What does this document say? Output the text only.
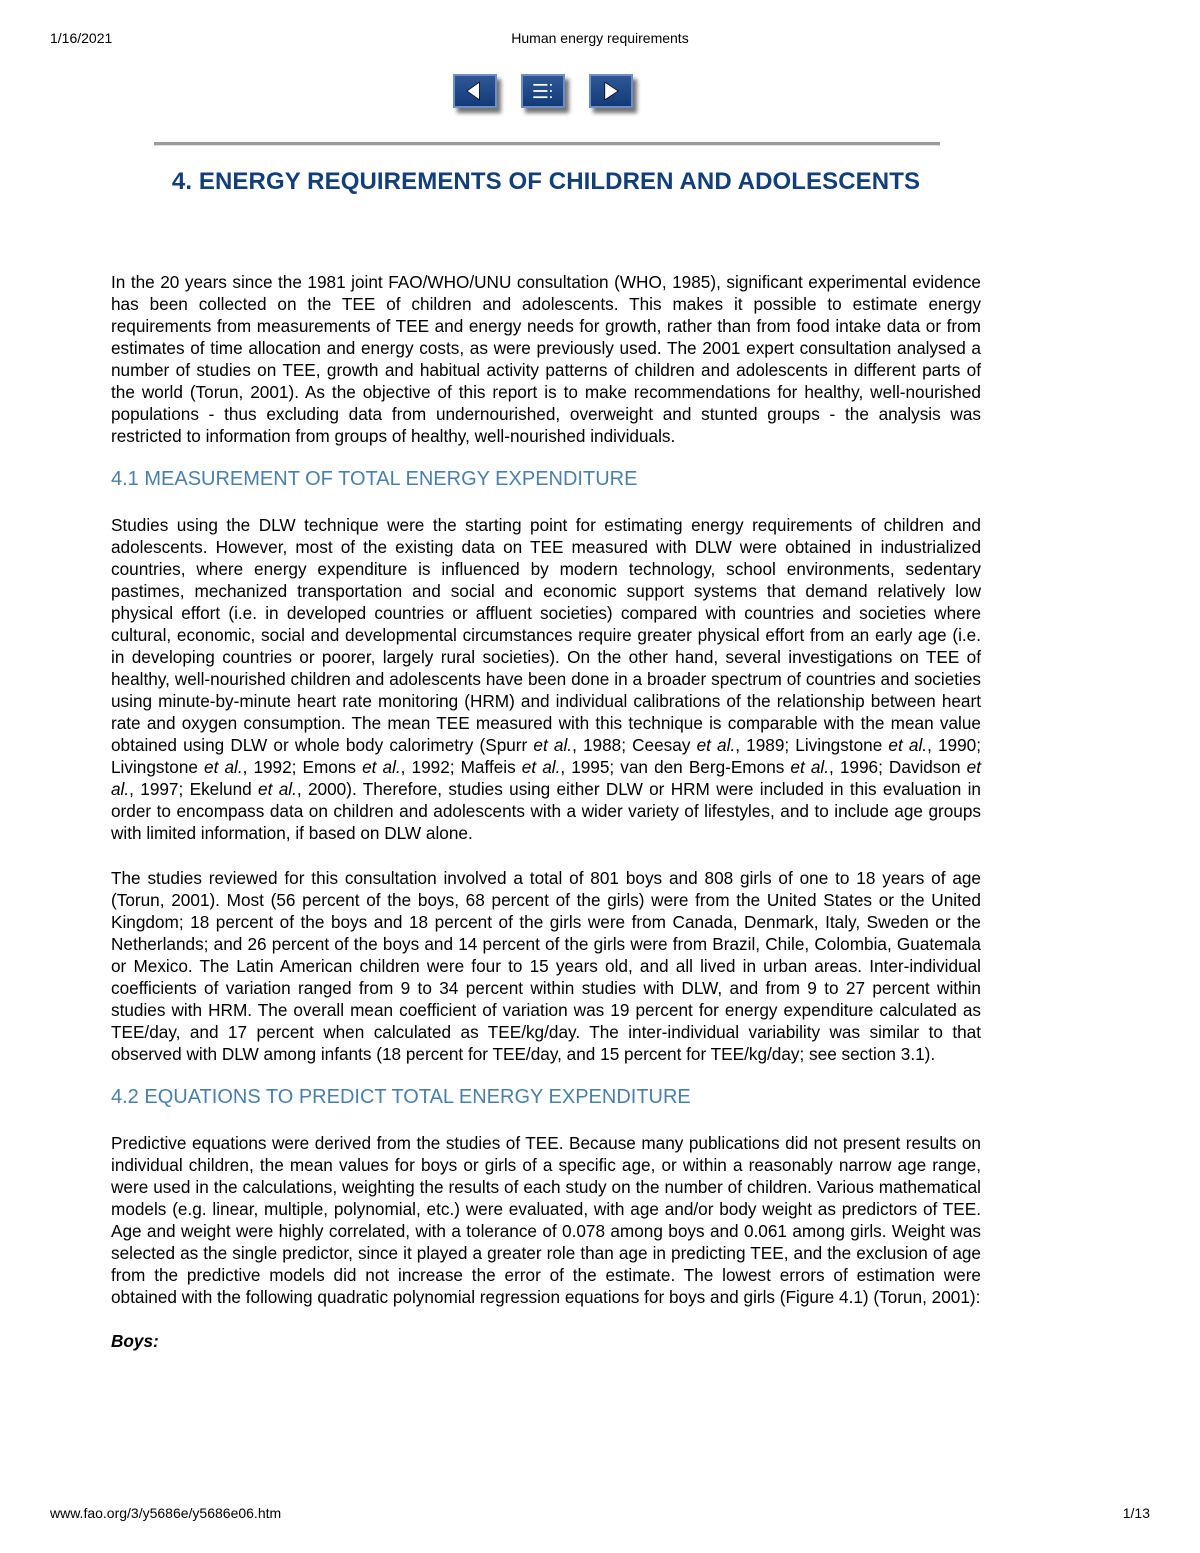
1/16/2021	Human energy requirements
4. ENERGY REQUIREMENTS OF CHILDREN AND ADOLESCENTS

In the 20 years since the 1981 joint FAO/WHO/UNU consultation (WHO, 1985), significant experimental evidence has been collected on the TEE of children and adolescents. This makes it possible to estimate energy requirements from measurements of TEE and energy needs for growth, rather than from food intake data or from estimates of time allocation and energy costs, as were previously used. The 2001 expert consultation analysed a number of studies on TEE, growth and habitual activity patterns of children and adolescents in different parts of the world (Torun, 2001). As the objective of this report is to make recommendations for healthy, well-nourished populations - thus excluding data from undernourished, overweight and stunted groups - the analysis was restricted to information from groups of healthy, well-nourished individuals.

4.1 MEASUREMENT OF TOTAL ENERGY EXPENDITURE

Studies using the DLW technique were the starting point for estimating energy requirements of children and adolescents. However, most of the existing data on TEE measured with DLW were obtained in industrialized countries, where energy expenditure is influenced by modern technology, school environments, sedentary pastimes, mechanized transportation and social and economic support systems that demand relatively low physical effort (i.e. in developed countries or affluent societies) compared with countries and societies where cultural, economic, social and developmental circumstances require greater physical effort from an early age (i.e. in developing countries or poorer, largely rural societies). On the other hand, several investigations on TEE of healthy, well-nourished children and adolescents have been done in a broader spectrum of countries and societies using minute-by-minute heart rate monitoring (HRM) and individual calibrations of the relationship between heart rate and oxygen consumption. The mean TEE measured with this technique is comparable with the mean value obtained using DLW or whole body calorimetry (Spurr et al., 1988; Ceesay et al., 1989; Livingstone et al., 1990; Livingstone et al., 1992; Emons et al., 1992; Maffeis et al., 1995; van den Berg-Emons et al., 1996; Davidson et al., 1997; Ekelund et al., 2000). Therefore, studies using either DLW or HRM were included in this evaluation in order to encompass data on children and adolescents with a wider variety of lifestyles, and to include age groups with limited information, if based on DLW alone.

The studies reviewed for this consultation involved a total of 801 boys and 808 girls of one to 18 years of age (Torun, 2001). Most (56 percent of the boys, 68 percent of the girls) were from the United States or the United Kingdom; 18 percent of the boys and 18 percent of the girls were from Canada, Denmark, Italy, Sweden or the Netherlands; and 26 percent of the boys and 14 percent of the girls were from Brazil, Chile, Colombia, Guatemala or Mexico. The Latin American children were four to 15 years old, and all lived in urban areas. Inter-individual coefficients of variation ranged from 9 to 34 percent within studies with DLW, and from 9 to 27 percent within studies with HRM. The overall mean coefficient of variation was 19 percent for energy expenditure calculated as TEE/day, and 17 percent when calculated as TEE/kg/day. The inter-individual variability was similar to that observed with DLW among infants (18 percent for TEE/day, and 15 percent for TEE/kg/day; see section 3.1).

4.2 EQUATIONS TO PREDICT TOTAL ENERGY EXPENDITURE

Predictive equations were derived from the studies of TEE. Because many publications did not present results on individual children, the mean values for boys or girls of a specific age, or within a reasonably narrow age range, were used in the calculations, weighting the results of each study on the number of children. Various mathematical models (e.g. linear, multiple, polynomial, etc.) were evaluated, with age and/or body weight as predictors of TEE. Age and weight were highly correlated, with a tolerance of 0.078 among boys and 0.061 among girls. Weight was selected as the single predictor, since it played a greater role than age in predicting TEE, and the exclusion of age from the predictive models did not increase the error of the estimate. The lowest errors of estimation were obtained with the following quadratic polynomial regression equations for boys and girls (Figure 4.1) (Torun, 2001):

Boys:
www.fao.org/3/y5686e/y5686e06.htm	1/13
